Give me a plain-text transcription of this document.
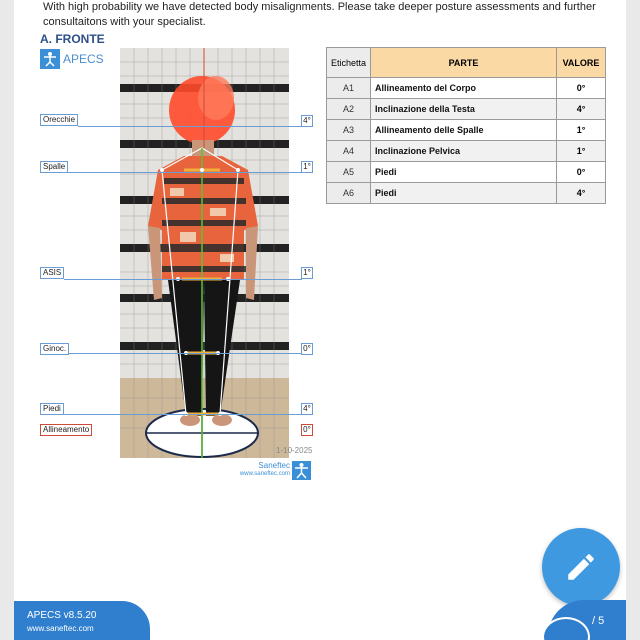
With high probability we have detected body misalignments. Please take deeper posture assessments and further consultaitons with your specialist.
A. FRONTE
APECS
Orecchie
Spalle
ASIS
Ginoc.
Piedi
Allineamento
4°
1°
1°
0°
4°
0°
1-10-2025
Saneftec
www.saneftec.com
Etichetta	PARTE	VALORE
A1	Allineamento del Corpo	0°
A2	Inclinazione della Testa	4°
A3	Allineamento delle Spalle	1°
A4	Inclinazione Pelvica	1°
A5	Piedi	0°
A6	Piedi	4°
APECS v8.5.20
www.saneftec.com
/ 5
